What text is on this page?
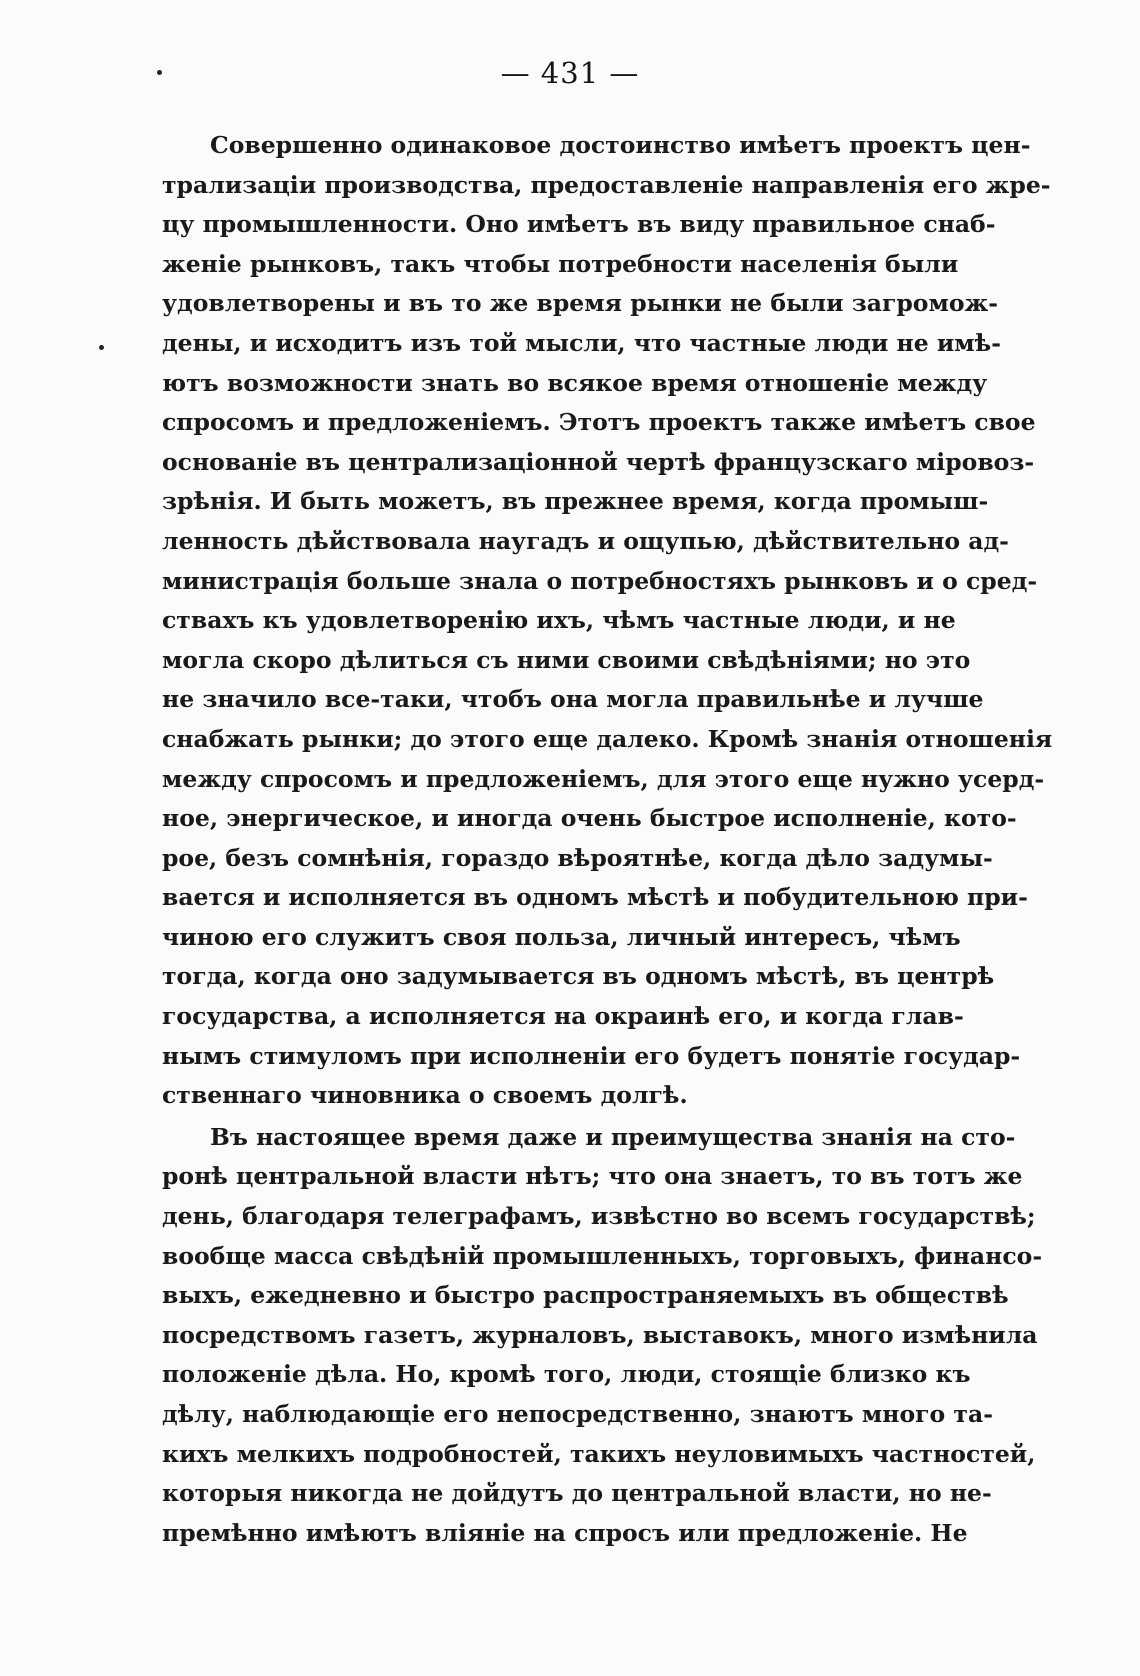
— 431 —
Совершенно одинаковое достоинство имѣетъ проектъ цен-
трализаціи производства, предоставленіе направленія его жре-
цу промышленности. Оно имѣетъ въ виду правильное снаб-
женіе рынковъ, такъ чтобы потребности населенія были
удовлетворены и въ то же время рынки не были загромож-
дены, и исходитъ изъ той мысли, что частные люди не имѣ-
ютъ возможности знать во всякое время отношеніе между
спросомъ и предложеніемъ. Этотъ проектъ также имѣетъ свое
основаніе въ централизаціонной чертѣ французскаго міровоз-
зрѣнія. И быть можетъ, въ прежнее время, когда промыш-
ленность дѣйствовала наугадъ и ощупью, дѣйствительно ад-
министрація больше знала о потребностяхъ рынковъ и о сред-
ствахъ къ удовлетворенію ихъ, чѣмъ частные люди, и не
могла скоро дѣлиться съ ними своими свѣдѣніями; но это
не значило все-таки, чтобъ она могла правильнѣе и лучше
снабжать рынки; до этого еще далеко. Кромѣ знанія отношенія
между спросомъ и предложеніемъ, для этого еще нужно усерд-
ное, энергическое, и иногда очень быстрое исполненіе, кото-
рое, безъ сомнѣнія, гораздо вѣроятнѣе, когда дѣло задумы-
вается и исполняется въ одномъ мѣстѣ и побудительною при-
чиною его служитъ своя польза, личный интересъ, чѣмъ
тогда, когда оно задумывается въ одномъ мѣстѣ, въ центрѣ
государства, а исполняется на окраинѣ его, и когда глав-
нымъ стимуломъ при исполненіи его будетъ понятіе государ-
ственнаго чиновника о своемъ долгѣ.
Въ настоящее время даже и преимущества знанія на сто-
ронѣ центральной власти нѣтъ; что она знаетъ, то въ тотъ же
день, благодаря телеграфамъ, извѣстно во всемъ государствѣ;
вообще масса свѣдѣній промышленныхъ, торговыхъ, финансо-
выхъ, ежедневно и быстро распространяемыхъ въ обществѣ
посредствомъ газетъ, журналовъ, выставокъ, много измѣнила
положеніе дѣла. Но, кромѣ того, люди, стоящіе близко къ
дѣлу, наблюдающіе его непосредственно, знаютъ много та-
кихъ мелкихъ подробностей, такихъ неуловимыхъ частностей,
которыя никогда не дойдутъ до центральной власти, но не-
премѣнно имѣютъ вліяніе на спросъ или предложеніе. Не
